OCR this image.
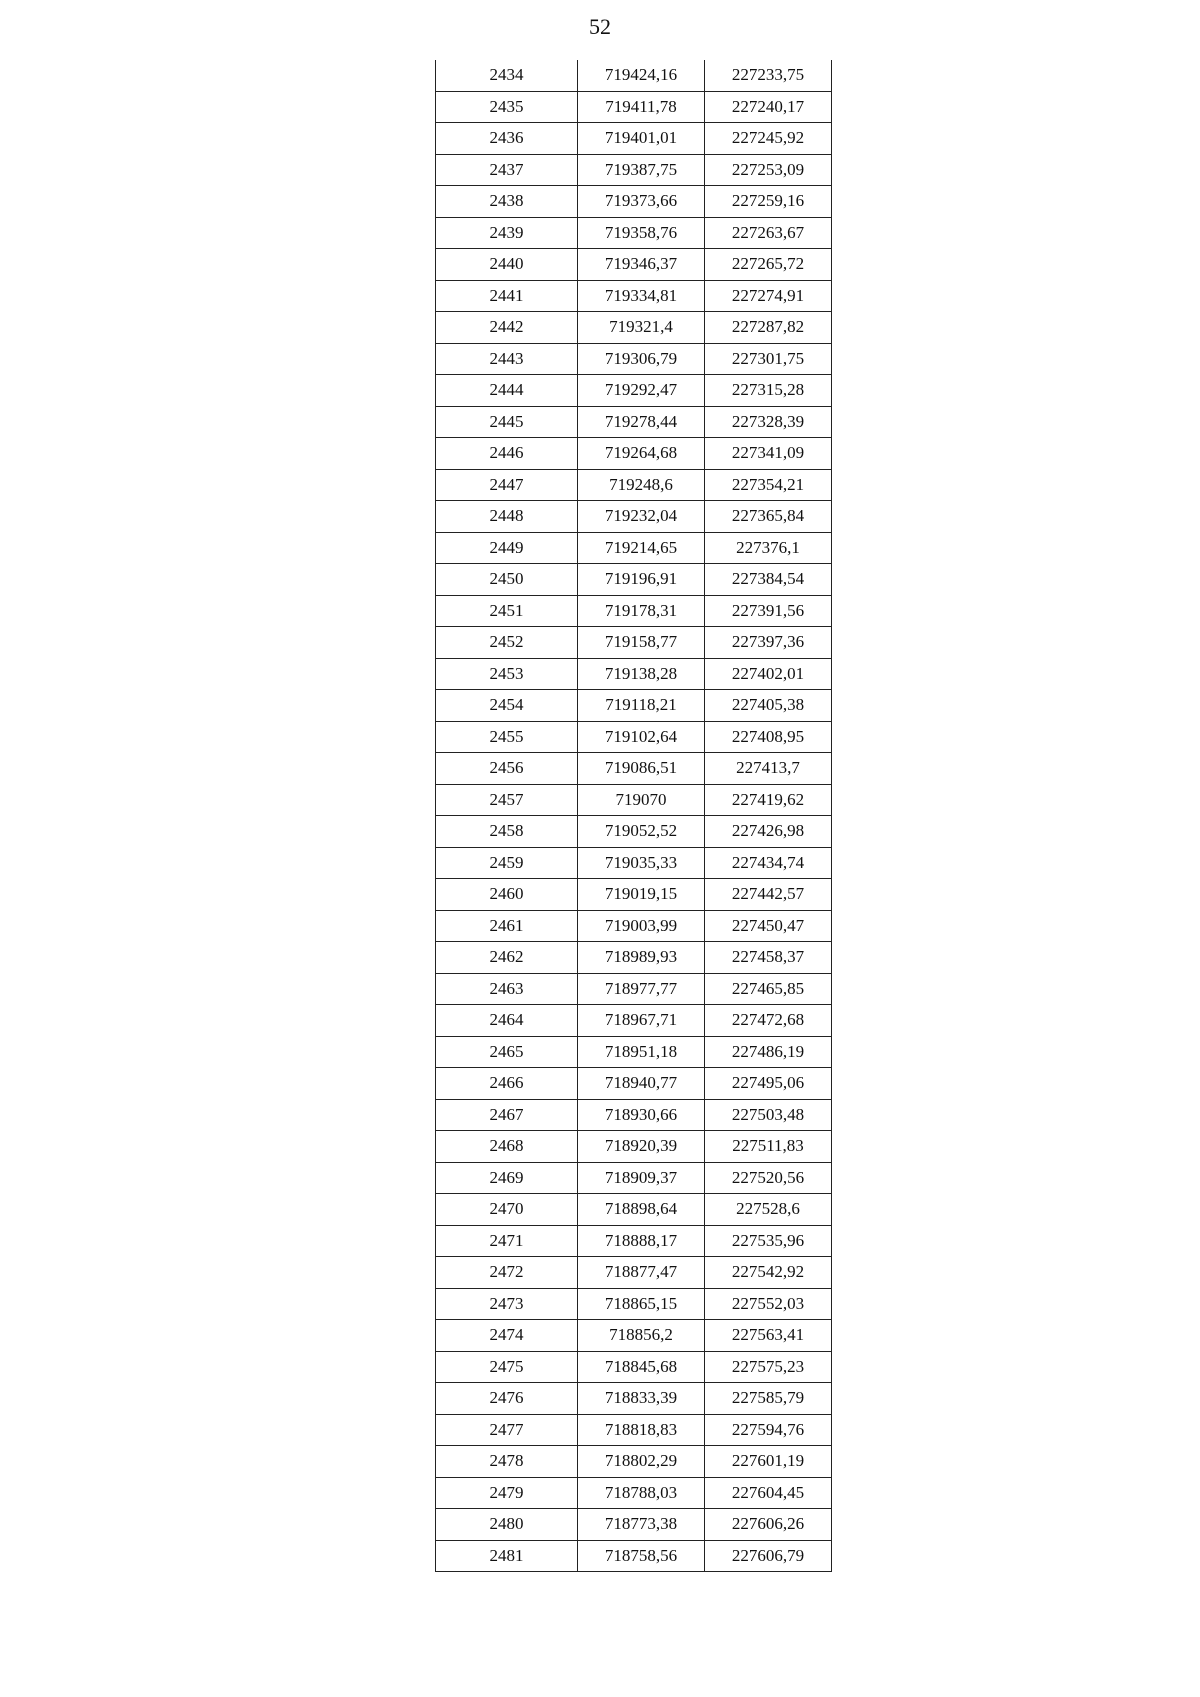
52
2434	719424,16	227233,75
2435	719411,78	227240,17
2436	719401,01	227245,92
2437	719387,75	227253,09
2438	719373,66	227259,16
2439	719358,76	227263,67
2440	719346,37	227265,72
2441	719334,81	227274,91
2442	719321,4	227287,82
2443	719306,79	227301,75
2444	719292,47	227315,28
2445	719278,44	227328,39
2446	719264,68	227341,09
2447	719248,6	227354,21
2448	719232,04	227365,84
2449	719214,65	227376,1
2450	719196,91	227384,54
2451	719178,31	227391,56
2452	719158,77	227397,36
2453	719138,28	227402,01
2454	719118,21	227405,38
2455	719102,64	227408,95
2456	719086,51	227413,7
2457	719070	227419,62
2458	719052,52	227426,98
2459	719035,33	227434,74
2460	719019,15	227442,57
2461	719003,99	227450,47
2462	718989,93	227458,37
2463	718977,77	227465,85
2464	718967,71	227472,68
2465	718951,18	227486,19
2466	718940,77	227495,06
2467	718930,66	227503,48
2468	718920,39	227511,83
2469	718909,37	227520,56
2470	718898,64	227528,6
2471	718888,17	227535,96
2472	718877,47	227542,92
2473	718865,15	227552,03
2474	718856,2	227563,41
2475	718845,68	227575,23
2476	718833,39	227585,79
2477	718818,83	227594,76
2478	718802,29	227601,19
2479	718788,03	227604,45
2480	718773,38	227606,26
2481	718758,56	227606,79
